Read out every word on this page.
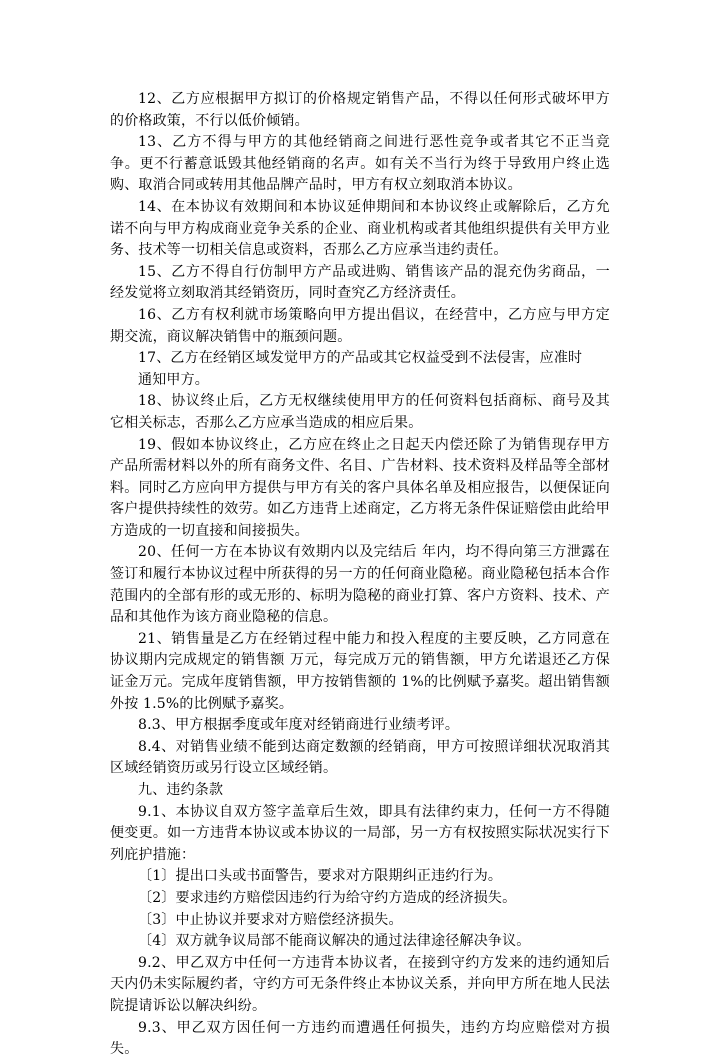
12、乙方应根据甲方拟订的价格规定销售产品，不得以任何形式破坏甲方的价格政策，不行以低价倾销。

13、乙方不得与甲方的其他经销商之间进行恶性竞争或者其它不正当竞争。更不行蓄意诋毁其他经销商的名声。如有关不当行为终于导致用户终止选购、取消合同或转用其他品牌产品时，甲方有权立刻取消本协议。

14、在本协议有效期间和本协议延伸期间和本协议终止或解除后，乙方允诺不向与甲方构成商业竞争关系的企业、商业机构或者其他组织提供有关甲方业务、技术等一切相关信息或资料，否那么乙方应承当违约责任。

15、乙方不得自行仿制甲方产品或进购、销售该产品的混充伪劣商品，一经发觉将立刻取消其经销资历，同时查究乙方经济责任。

16、乙方有权利就市场策略向甲方提出倡议，在经营中，乙方应与甲方定期交流，商议解决销售中的瓶颈问题。

17、乙方在经销区域发觉甲方的产品或其它权益受到不法侵害，应准时

通知甲方。

18、协议终止后，乙方无权继续使用甲方的任何资料包括商标、商号及其它相关标志，否那么乙方应承当造成的相应后果。

19、假如本协议终止，乙方应在终止之日起天内偿还除了为销售现存甲方产品所需材料以外的所有商务文件、名目、广告材料、技术资料及样品等全部材料。同时乙方应向甲方提供与甲方有关的客户具体名单及相应报告，以便保证向客户提供持续性的效劳。如乙方违背上述商定，乙方将无条件保证赔偿由此给甲方造成的一切直接和间接损失。

20、任何一方在本协议有效期内以及完结后 年内，均不得向第三方泄露在签订和履行本协议过程中所获得的另一方的任何商业隐秘。商业隐秘包括本合作范围内的全部有形的或无形的、标明为隐秘的商业打算、客户方资料、技术、产品和其他作为该方商业隐秘的信息。

21、销售量是乙方在经销过程中能力和投入程度的主要反映，乙方同意在协议期内完成规定的销售额 万元，每完成万元的销售额，甲方允诺退还乙方保证金万元。完成年度销售额，甲方按销售额的 1%的比例赋予嘉奖。超出销售额外按 1.5%的比例赋予嘉奖。

8.3、甲方根据季度或年度对经销商进行业绩考评。

8.4、对销售业绩不能到达商定数额的经销商，甲方可按照详细状况取消其区域经销资历或另行设立区域经销。

九、违约条款

9.1、本协议自双方签字盖章后生效，即具有法律约束力，任何一方不得随便变更。如一方违背本协议或本协议的一局部，另一方有权按照实际状况实行下列庇护措施：

〔1〕提出口头或书面警告，要求对方限期纠正违约行为。

〔2〕要求违约方赔偿因违约行为给守约方造成的经济损失。

〔3〕中止协议并要求对方赔偿经济损失。

〔4〕双方就争议局部不能商议解决的通过法律途径解决争议。

9.2、甲乙双方中任何一方违背本协议者，在接到守约方发来的违约通知后天内仍未实际履约者，守约方可无条件终止本协议关系，并向甲方所在地人民法院提请诉讼以解决纠纷。

9.3、甲乙双方因任何一方违约而遭遇任何损失，违约方均应赔偿对方损失。
